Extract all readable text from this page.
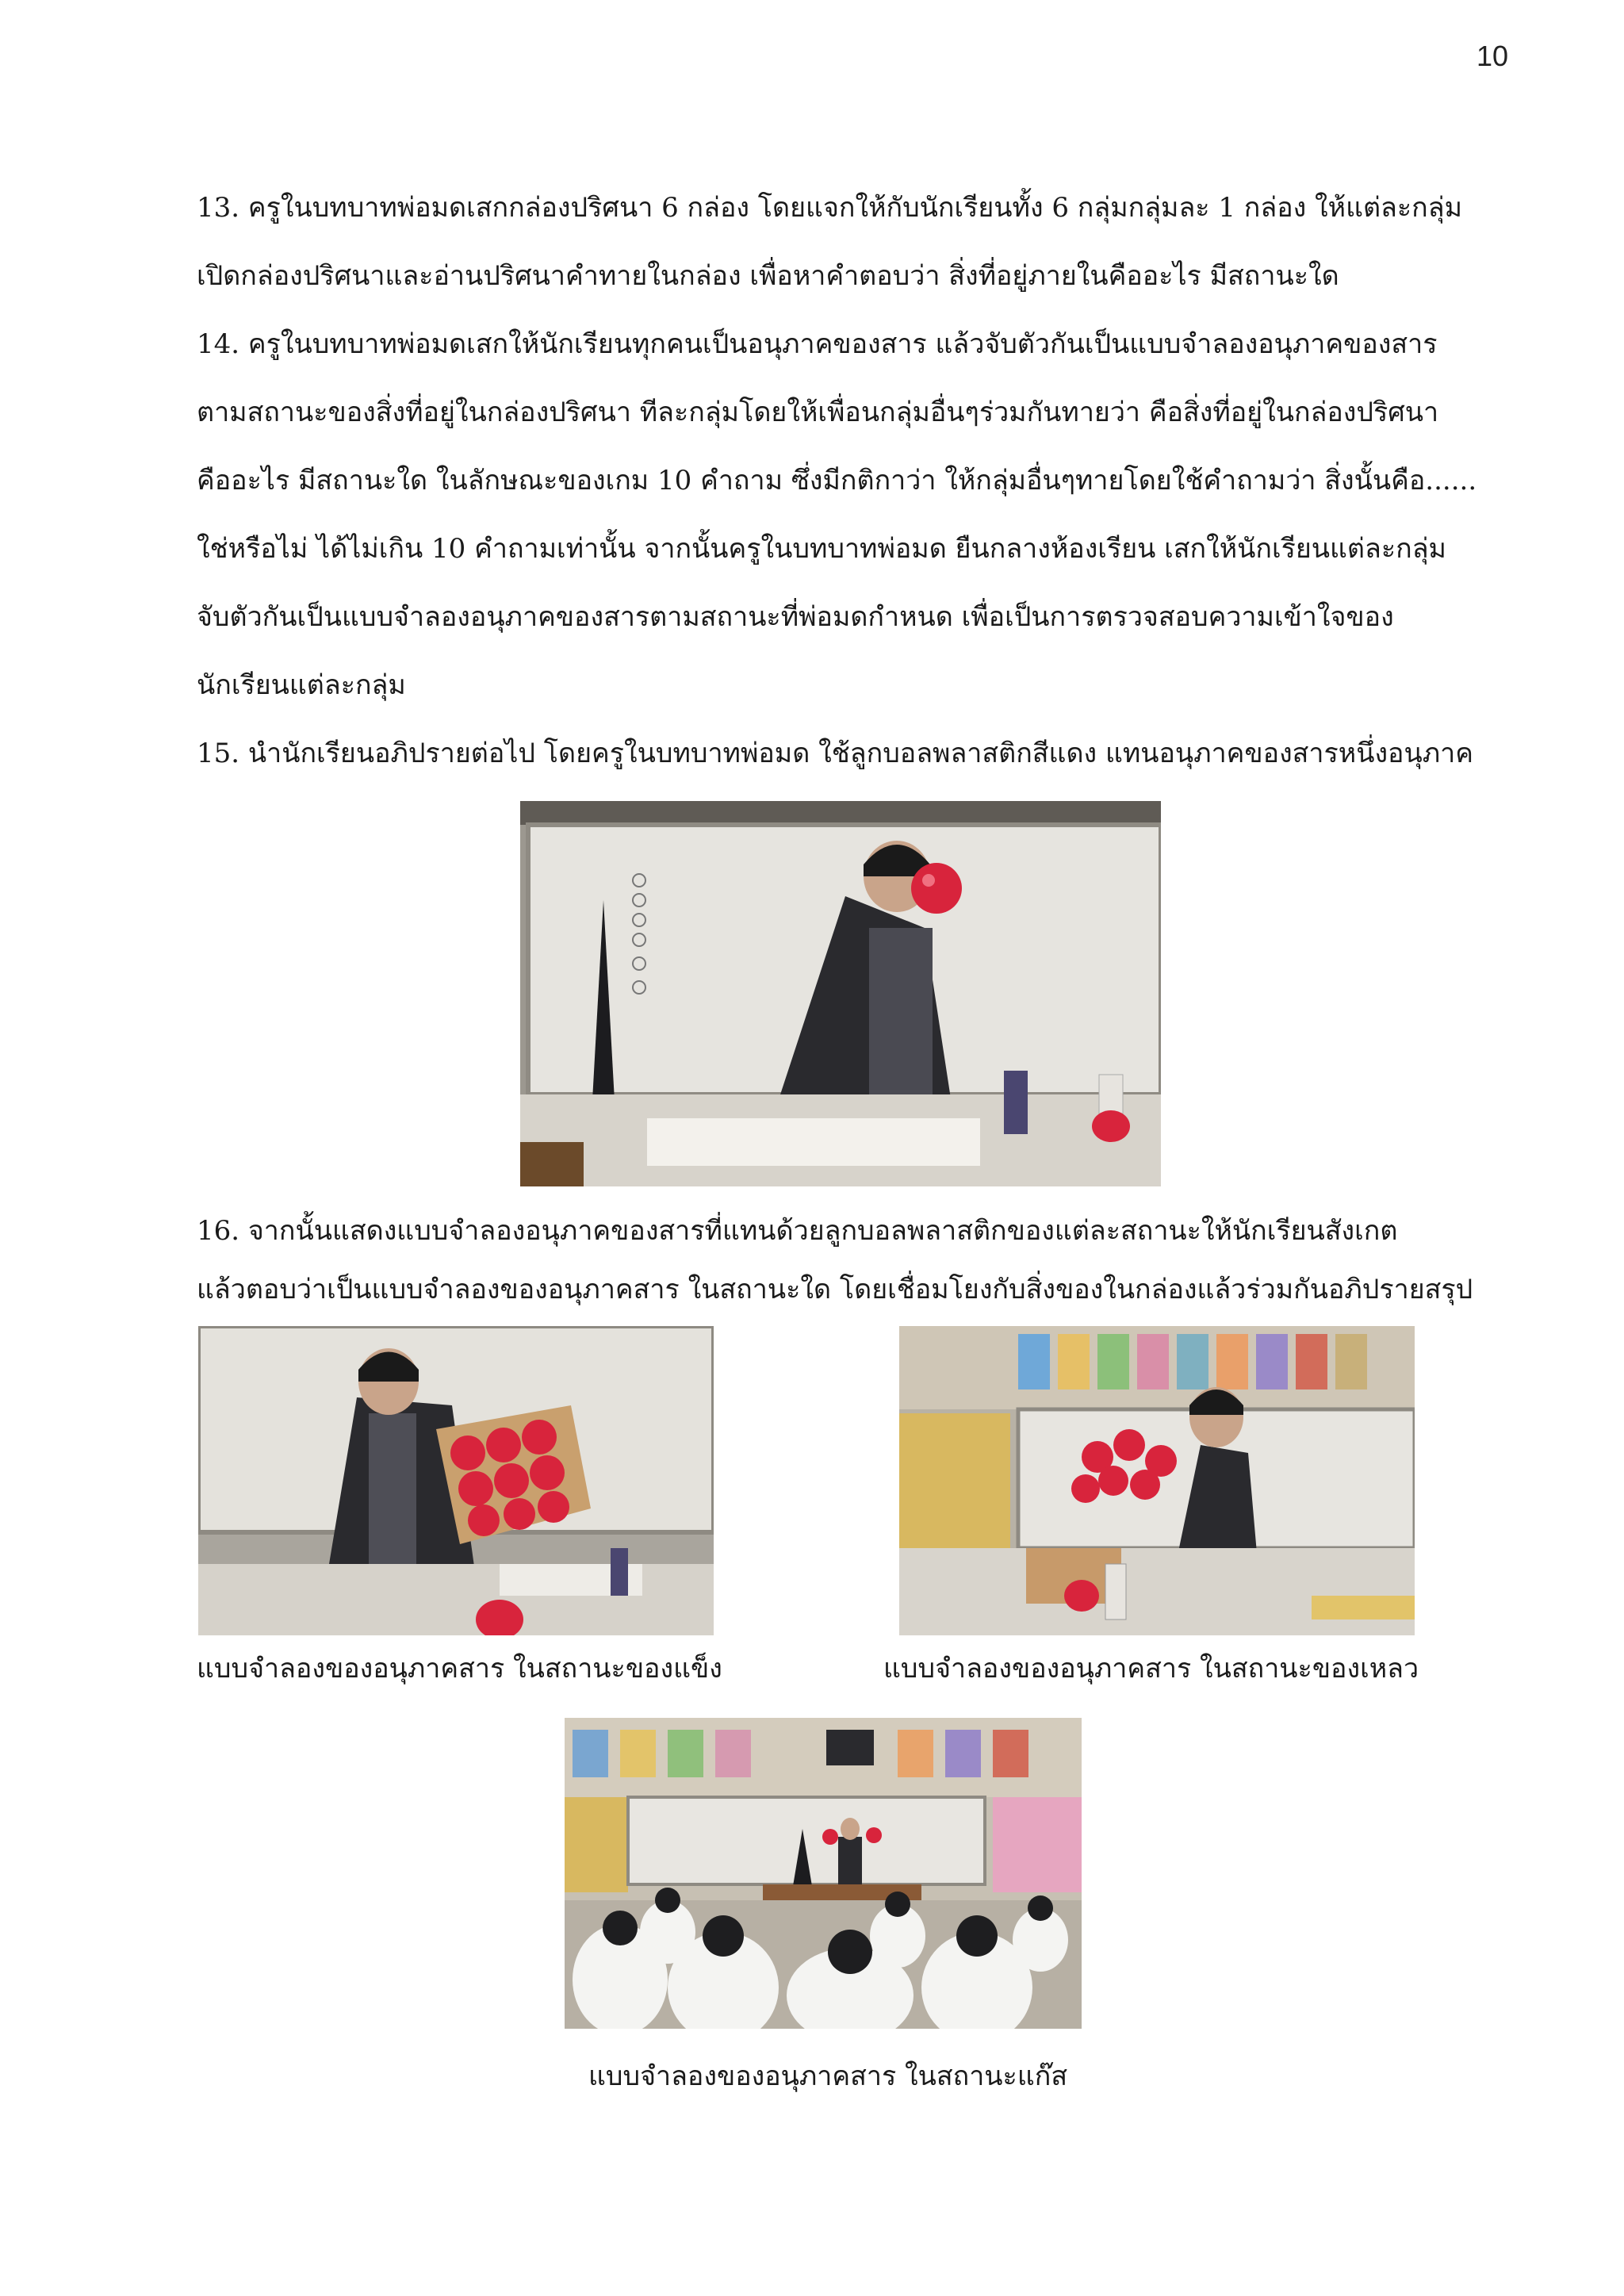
10
13. ครูในบทบาทพ่อมดเสกกล่องปริศนา 6 กล่อง โดยแจกให้กับนักเรียนทั้ง 6 กลุ่มกลุ่มละ 1 กล่อง ให้แต่ละกลุ่ม
เปิดกล่องปริศนาและอ่านปริศนาคำทายในกล่อง เพื่อหาคำตอบว่า สิ่งที่อยู่ภายในคืออะไร มีสถานะใด
14. ครูในบทบาทพ่อมดเสกให้นักเรียนทุกคนเป็นอนุภาคของสาร แล้วจับตัวกันเป็นแบบจำลองอนุภาคของสาร
ตามสถานะของสิ่งที่อยู่ในกล่องปริศนา ทีละกลุ่มโดยให้เพื่อนกลุ่มอื่นๆร่วมกันทายว่า คือสิ่งที่อยู่ในกล่องปริศนา
คืออะไร มีสถานะใด ในลักษณะของเกม 10 คำถาม ซึ่งมีกติกาว่า ให้กลุ่มอื่นๆทายโดยใช้คำถามว่า สิ่งนั้นคือ......
ใช่หรือไม่ ได้ไม่เกิน 10 คำถามเท่านั้น จากนั้นครูในบทบาทพ่อมด ยืนกลางห้องเรียน เสกให้นักเรียนแต่ละกลุ่ม
จับตัวกันเป็นแบบจำลองอนุภาคของสารตามสถานะที่พ่อมดกำหนด เพื่อเป็นการตรวจสอบความเข้าใจของ
นักเรียนแต่ละกลุ่ม
15. นำนักเรียนอภิปรายต่อไป โดยครูในบทบาทพ่อมด ใช้ลูกบอลพลาสติกสีแดง แทนอนุภาคของสารหนึ่งอนุภาค
16. จากนั้นแสดงแบบจำลองอนุภาคของสารที่แทนด้วยลูกบอลพลาสติกของแต่ละสถานะให้นักเรียนสังเกต
แล้วตอบว่าเป็นแบบจำลองของอนุภาคสาร ในสถานะใด โดยเชื่อมโยงกับสิ่งของในกล่องแล้วร่วมกันอภิปรายสรุป
แบบจำลองของอนุภาคสาร ในสถานะของแข็ง	แบบจำลองของอนุภาคสาร ในสถานะของเหลว
แบบจำลองของอนุภาคสาร ในสถานะแก๊ส
